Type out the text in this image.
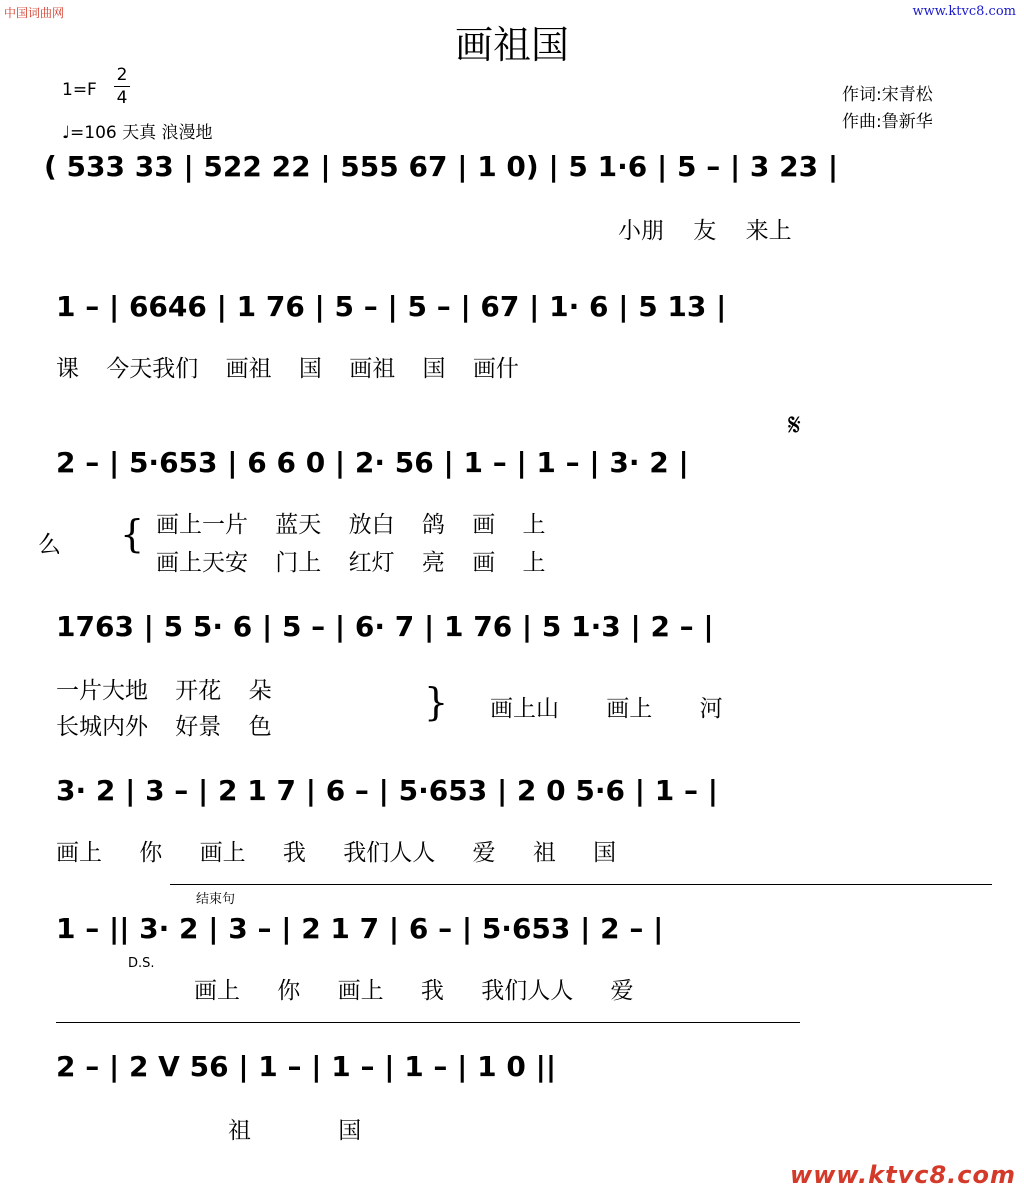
中国词曲网	www.ktvc8.com
画祖国
1=F
2
4
♩=106 天真 浪漫地
作词:宋青松
作曲:鲁新华
( 533 33 | 522 22 | 555 67 | 1 0) | 5 1·6 | 5 – | 3 23 |
小朋 友 来上
1 – | 6646 | 1 76 | 5 – | 5 – | 67 | 1· 6 | 5 13 |
课 今天我们 画祖 国 画祖 国 画什
2 – | 5·653 | 6 6 0 | 2· 56 | 1 – | 1 – | 3· 2 |
么 { 画上一片 蓝天 放白 鸽 画 上
画上天安 门上 红灯 亮 画 上
𝄋
1763 | 5 5· 6 | 5 – | 6· 7 | 1 76 | 5 1·3 | 2 – |
一片大地 开花 朵
长城内外 好景 色
} 画上山 画上 河
3· 2 | 3 – | 2 1 7 | 6 – | 5·653 | 2 0 5·6 | 1 – |
画上 你 画上 我 我们人人 爱 祖 国
结束句
1 – || 3· 2 | 3 – | 2 1 7 | 6 – | 5·653 | 2 – |
D.S.
画上 你 画上 我 我们人人 爱
2 – | 2 V 56 | 1 – | 1 – | 1 – | 1 0 ||
祖 国
www.ktvc8.com
